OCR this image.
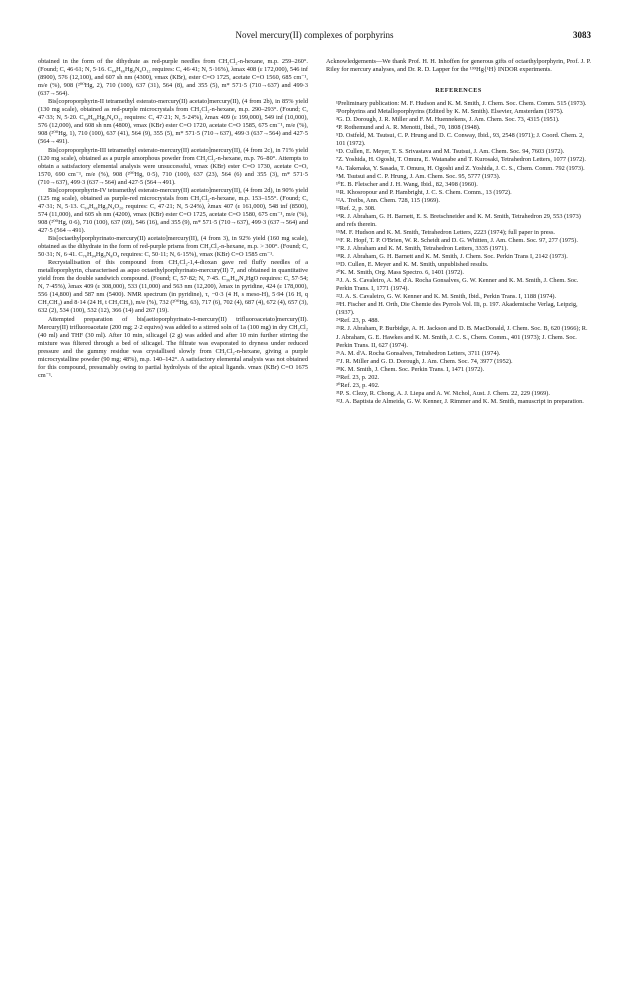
Novel mercury(II) complexes of porphyrins	3083

obtained in the form of the dihydrate as red-purple needles from CH₂Cl₂-n-hexane, m.p. 259–260°. (Found; C, 46·61; N, 5·16. C₆₄H₆₆Hg₃N₄O₁₂ requires: C, 46·41; N, 5·16%), λmax 408 (ε 172,000), 546 inf (8900), 576 (12,100), and 607 sh nm (4300), νmax (KBr), ester C=O 1725, acetate C=O 1560, 685 cm⁻¹, m/e (%), 908 (²⁰⁰Hg, 2), 710 (100), 637 (31), 564 (8), and 355 (5), m* 571·5 (710→637) and 499·3 (637→564).

Bis[coproporphyrin-II tetramethyl esterato-mercury(II) acetato]mercury(II), (4 from 2b), in 85% yield (130 mg scale), obtained as red-purple microcrystals from CH₂Cl₂-n-hexane, m.p. 290–293°. (Found; C, 47·33; N, 5·20. C₆₄H₆₆Hg₃N₄O₁₂ requires: C, 47·21; N, 5·24%), λmax 409 (ε 199,000), 549 inf (10,000), 576 (12,000), and 608 sh nm (4800), νmax (KBr) ester C=O 1720, acetate C=O 1585, 675 cm⁻¹, m/e (%), 908 (²⁰⁰Hg, 1), 710 (100), 637 (41), 564 (9), 355 (5), m* 571·5 (710→637), 499·3 (637→564) and 427·5 (564→491).

Bis[coproporphyrin-III tetramethyl esterato-mercury(II) acetato]mercury(II), (4 from 2c), in 71% yield (120 mg scale), obtained as a purple amorphous powder from CH₂Cl₂-n-hexane, m.p. 76–80°. Attempts to obtain a satisfactory elemental analysis were unsuccessful, νmax (KBr) ester C=O 1730, acetate C=O, 1570, 690 cm⁻¹, m/e (%), 908 (²⁰⁰Hg, 0·5), 710 (100), 637 (23), 564 (6) and 355 (3), m* 571·5 (710→637), 499·3 (637→564) and 427·5 (564→491).

Bis[coproporphyrin-IV tetramethyl esterato-mercury(II) acetato]mercury(II), (4 from 2d), in 90% yield (125 mg scale), obtained as purple-red microcrystals from CH₂Cl₂-n-hexane, m.p. 153–155°. (Found; C, 47·31; N, 5·13. C₆₄H₆₆Hg₃N₄O₂₀ requires: C, 47·21; N, 5·24%), λmax 407 (ε 161,000), 548 inf (8500), 574 (11,000), and 605 sh nm (4200), νmax (KBr) ester C=O 1725, acetate C=O 1580, 675 cm⁻¹, m/e (%), 908 (²⁰⁰Hg, 0·6), 710 (100), 637 (69), 546 (16), and 355 (9), m* 571·5 (710→637), 499·3 (637→564) and 427·5 (564→491).

Bis[octaethylporphyrinato-mercury(II) acetato]mercury(II), (4 from 3), in 92% yield (160 mg scale), obtained as the dihydrate in the form of red-purple prisms from CH₂Cl₂-n-hexane, m.p. > 300°. (Found; C, 50·31; N, 6·41. C₇₆H₉₄Hg₃N₈O₄ requires: C, 50·11; N, 6·15%), νmax (KBr) C=O 1585 cm⁻¹.

Recrystallisation of this compound from CH₂Cl₂-1,4-dioxan gave red fluffy needles of a metalloporphyrin, characterised as aquo octaethylporphyrinato-mercury(II) 7, and obtained in quantitative yield from the double sandwich compound. (Found; C, 57·82; N, 7·45. C₃₆H₄₄N₄HgO requires: C, 57·54; N, 7·45%), λmax 409 (ε 308,000), 533 (11,000) and 563 nm (12,200), λmax in pyridine, 424 (ε 178,000), 556 (14,800) and 587 nm (5400). NMR spectrum (in pyridine), τ, −0·3 (4 H, s meso-H), 5·94 (16 H, q CH₂CH₃) and 8·14 (24 H, t CH₂CH₃), m/e (%), 732 (²⁰⁰Hg, 63), 717 (6), 702 (4), 687 (4), 672 (4), 657 (3), 632 (2), 534 (100), 532 (12), 366 (14) and 267 (19).

Attempted preparation of bis[aetioporphyrinato-I-mercury(II) trifluoroacetato]mercury(II). Mercury(II) trifluoroacetate (200 mg; 2·2 equivs) was added to a stirred soln of 1a (100 mg) in dry CH₂Cl₂ (40 ml) and THF (30 ml). After 10 min, silicagel (2 g) was added and after 10 min further stirring the mixture was filtered through a bed of silicagel. The filtrate was evaporated to dryness under reduced pressure and the gummy residue was crystallised slowly from CH₂Cl₂-n-hexane, giving a purple microcrystalline powder (90 mg; 48%), m.p. 140–142°. A satisfactory elemental analysis was not obtained for this compound, presumably owing to partial hydrolysis of the apical ligands. νmax (KBr) C=O 1675 cm⁻¹.

Acknowledgements—We thank Prof. H. H. Inhoffen for generous gifts of octaethylporphyrin, Prof. J. P. Riley for mercury analyses, and Dr. R. D. Lapper for the ¹⁹⁹Hg{¹H} INDOR experiments.

REFERENCES

¹Preliminary publication: M. F. Hudson and K. M. Smith, J. Chem. Soc. Chem. Comm. 515 (1973).

²Porphyrins and Metalloporphyrins (Edited by K. M. Smith). Elsevier, Amsterdam (1975).

³G. D. Dorough, J. R. Miller and F. M. Huennekens, J. Am. Chem. Soc. 73, 4315 (1951).

⁴P. Rothemund and A. R. Menotti, Ibid., 70, 1808 (1948).

⁵D. Ostfeld, M. Tsutsui, C. P. Hrung and D. C. Conway, Ibid., 93, 2548 (1971); J. Coord. Chem. 2, 101 (1972).

⁶D. Cullen, E. Meyer, T. S. Srivastava and M. Tsutsui, J. Am. Chem. Soc. 94, 7603 (1972).

⁷Z. Yoshida, H. Ogoshi, T. Omura, E. Watanabe and T. Kurosaki, Tetrahedron Letters, 1077 (1972).

⁸A. Takenaka, Y. Sasada, T. Omura, H. Ogoshi and Z. Yoshida, J. C. S., Chem. Comm. 792 (1973).

⁹M. Tsutsui and C. P. Hrung, J. Am. Chem. Soc. 95, 5777 (1973).

¹⁰E. B. Fleischer and J. H. Wang, Ibid., 82, 3498 (1960).

¹¹R. Khosropour and P. Hambright, J. C. S. Chem. Comm., 13 (1972).

¹²A. Treibs, Ann. Chem. 728, 115 (1969).

¹³Ref. 2, p. 308.

¹⁴R. J. Abraham, G. H. Barnett, E. S. Bretschneider and K. M. Smith, Tetrahedron 29, 553 (1973) and refs therein.

¹⁵M. F. Hudson and K. M. Smith, Tetrahedron Letters, 2223 (1974); full paper in press.

¹⁶F. R. Hopf, T. P. O'Brien, W. R. Scheidt and D. G. Whitten, J. Am. Chem. Soc. 97, 277 (1975).

¹⁷R. J. Abraham and K. M. Smith, Tetrahedron Letters, 3335 (1971).

¹⁸R. J. Abraham, G. H. Barnett and K. M. Smith, J. Chem. Soc. Perkin Trans I, 2142 (1973).

¹⁹D. Cullen, E. Meyer and K. M. Smith, unpublished results.

²⁰K. M. Smith, Org. Mass Spectro. 6, 1401 (1972).

²¹J. A. S. Cavaleiro, A. M. d'A. Rocha Gonsalves, G. W. Kenner and K. M. Smith, J. Chem. Soc. Perkin Trans. I, 1771 (1974).

²²J. A. S. Cavaleiro, G. W. Kenner and K. M. Smith, Ibid., Perkin Trans. I, 1188 (1974).

²³H. Fischer and H. Orth, Die Chemie des Pyrrols Vol. IIi, p. 197. Akademische Verlag, Leipzig, (1937).

²⁴Ref. 23, p. 488.

²⁵R. J. Abraham, P. Burbidge, A. H. Jackson and D. B. MacDonald, J. Chem. Soc. B, 620 (1966); R. J. Abraham, G. E. Hawkes and K. M. Smith, J. C. S., Chem. Comm., 401 (1973); J. Chem. Soc. Perkin Trans. II, 627 (1974).

²⁶A. M. d'A. Rocha Gonsalves, Tetrahedron Letters, 3711 (1974).

²⁷J. R. Miller and G. D. Dorough, J. Am. Chem. Soc. 74, 3977 (1952).

²⁸K. M. Smith, J. Chem. Soc. Perkin Trans. I, 1471 (1972).

²⁹Ref. 23, p. 202.

³⁰Ref. 23, p. 492.

³¹P. S. Clezy, R. Chong, A. J. Liepa and A. W. Nichol, Aust. J. Chem. 22, 229 (1969).

³²J. A. Baptista de Almeida, G. W. Kenner, J. Rimmer and K. M. Smith, manuscript in preparation.
